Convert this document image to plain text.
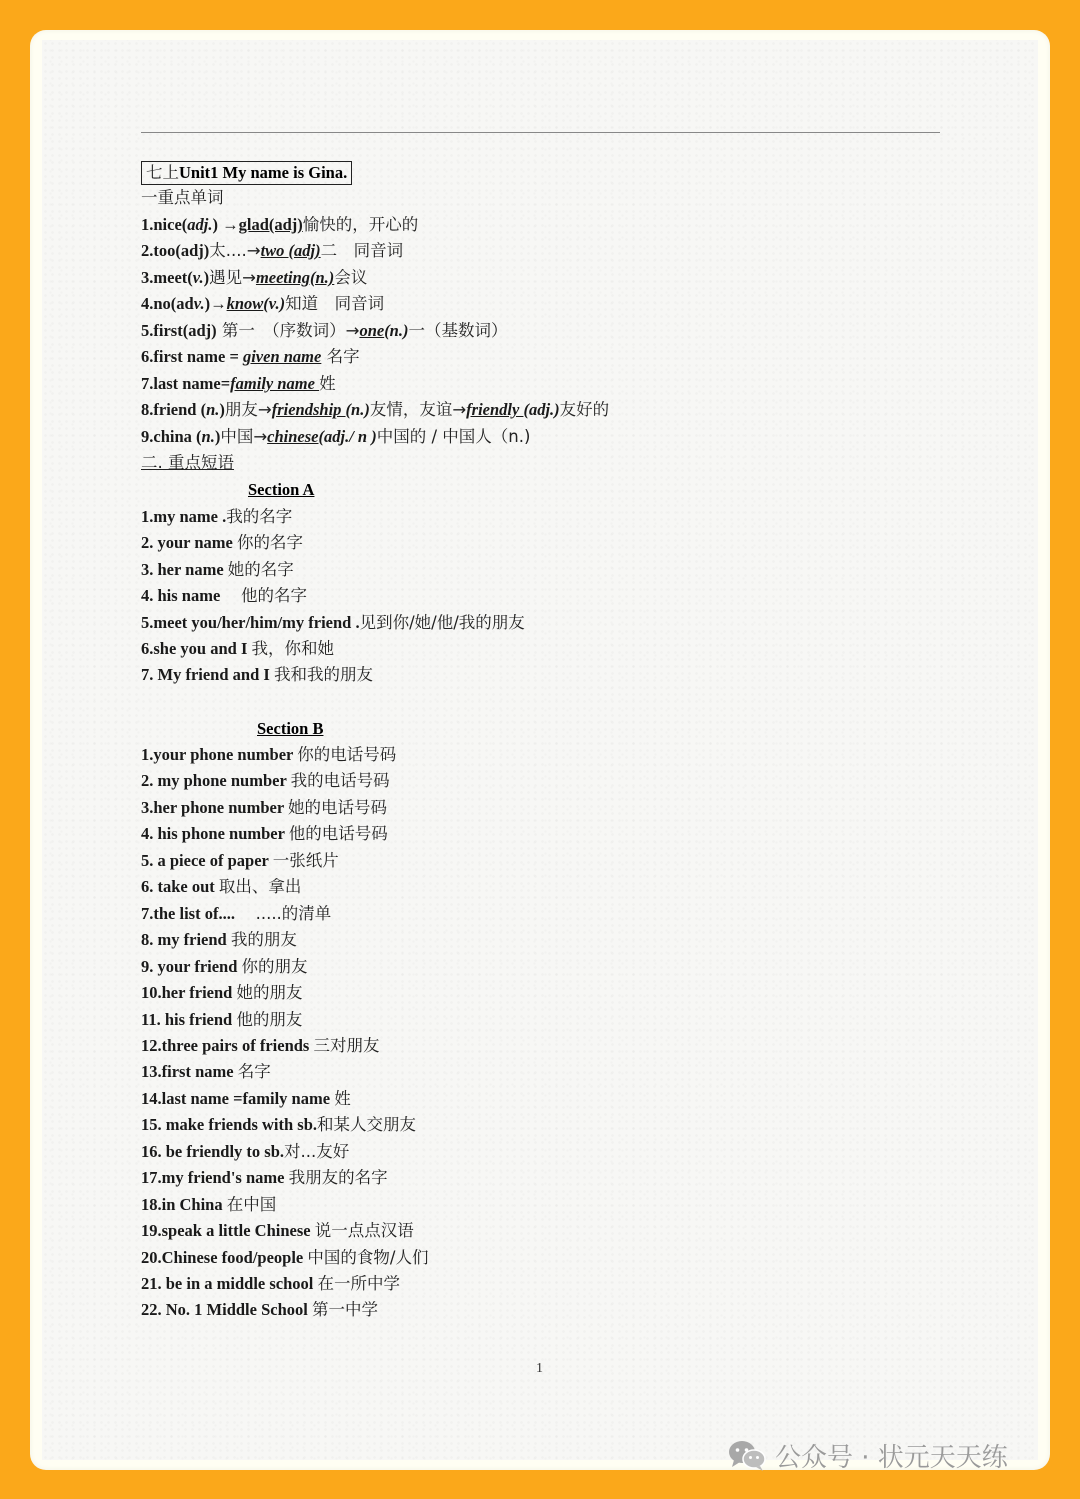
七上Unit1 My name is Gina.
一重点单词
1.nice(adj.) →glad(adj)愉快的，开心的
2.too(adj)太....→two (adj)二　同音词
3.meet(v.)遇见→meeting(n.)会议
4.no(adv.)→know(v.)知道　同音词
5.first(adj) 第一　（序数词）→one(n.)一（基数词）
6.first name = given name 名字
7.last name=family name 姓
8.friend (n.)朋友→friendship (n.)友情，友谊→friendly (adj.)友好的
9.china (n.)中国→chinese(adj./ n )中国的 / 中国人（n.)
二. 重点短语
Section A
1.my name .我的名字
2. your name 你的名字
3. her name 她的名字
4. his name 　他的名字
5.meet you/her/him/my friend .见到你/她/他/我的朋友
6.she you and I 我，你和她
7. My friend and I 我和我的朋友
Section B
1.your phone number 你的电话号码
2. my phone number 我的电话号码
3.her phone number 她的电话号码
4. his phone number 他的电话号码
5. a piece of paper 一张纸片
6. take out 取出、拿出
7.the list of....　 .....的清单
8. my friend 我的朋友
9. your friend 你的朋友
10.her friend 她的朋友
11. his friend 他的朋友
12.three pairs of friends 三对朋友
13.first name 名字
14.last name =family name 姓
15. make friends with sb.和某人交朋友
16. be friendly to sb.对...友好
17.my friend's name 我朋友的名字
18.in China 在中国
19.speak a little Chinese 说一点点汉语
20.Chinese food/people 中国的食物/人们
21. be in a middle school 在一所中学
22. No. 1 Middle School 第一中学
1
公众号 · 状元天天练
